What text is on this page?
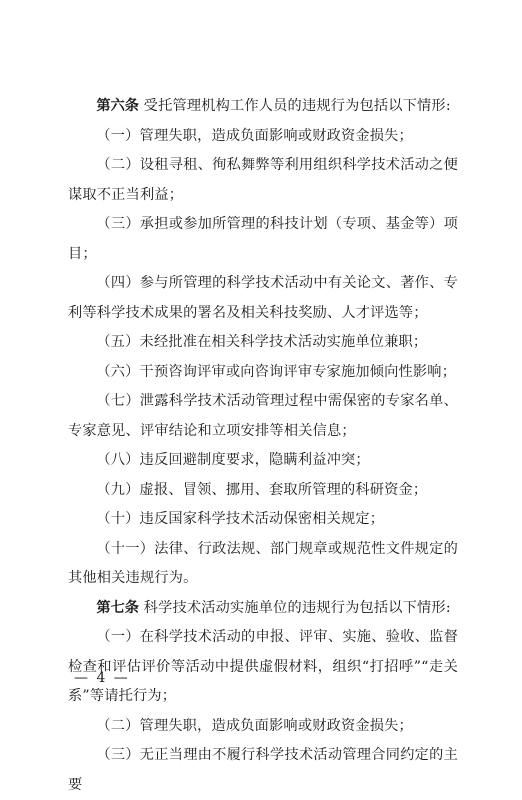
第六条 受托管理机构工作人员的违规行为包括以下情形:

（一）管理失职，造成负面影响或财政资金损失；

（二）设租寻租、徇私舞弊等利用组织科学技术活动之便谋取不正当利益；

（三）承担或参加所管理的科技计划（专项、基金等）项目；

（四）参与所管理的科学技术活动中有关论文、著作、专利等科学技术成果的署名及相关科技奖励、人才评选等；

（五）未经批准在相关科学技术活动实施单位兼职；

（六）干预咨询评审或向咨询评审专家施加倾向性影响；

（七）泄露科学技术活动管理过程中需保密的专家名单、专家意见、评审结论和立项安排等相关信息；

（八）违反回避制度要求，隐瞒利益冲突；

（九）虚报、冒领、挪用、套取所管理的科研资金；

（十）违反国家科学技术活动保密相关规定；

（十一）法律、行政法规、部门规章或规范性文件规定的其他相关违规行为。

第七条 科学技术活动实施单位的违规行为包括以下情形:

（一）在科学技术活动的申报、评审、实施、验收、监督检查和评估评价等活动中提供虚假材料，组织“打招呼”“走关系”等请托行为；

（二）管理失职，造成负面影响或财政资金损失；

（三）无正当理由不履行科学技术活动管理合同约定的主要

— 4 —
